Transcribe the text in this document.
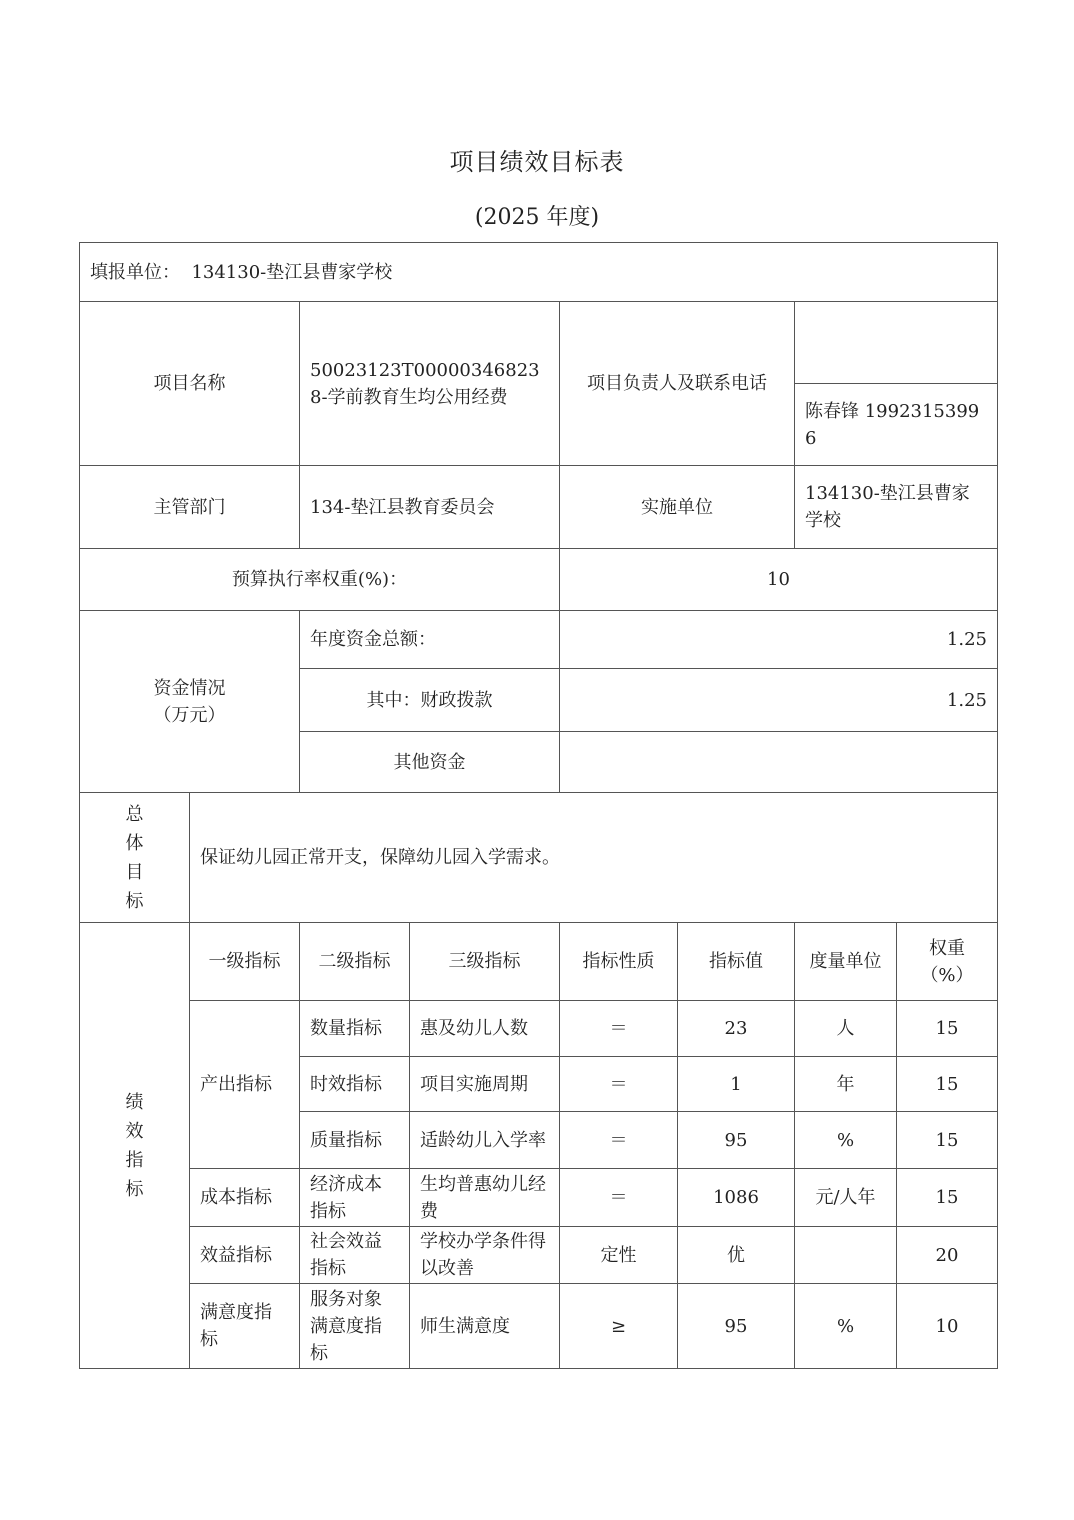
项目绩效目标表
(2025 年度)
填报单位： 134130-垫江县曹家学校							
项目名称		50023123T000003468238-学前教育生均公用经费		项目负责人及联系电话			
						陈春锋 19923153996	
主管部门		134-垫江县教育委员会		实施单位		134130-垫江县曹家学校	
预算执行率权重(%)：				10			
资金情况
（万元）		年度资金总额：		1.25			
		其中：财政拨款		1.25			
		其他资金					

总
体
目
标	保证幼儿园正常开支，保障幼儿园入学需求。						

绩
效
指
标	一级指标	二级指标	三级指标	指标性质	指标值	度量单位	权重（%）
	产出指标	数量指标	惠及幼儿人数	＝	23	人	15
		时效指标	项目实施周期	＝	1	年	15
		质量指标	适龄幼儿入学率	＝	95	%	15
	成本指标	经济成本指标	生均普惠幼儿经费	＝	1086	元/人年	15
	效益指标	社会效益指标	学校办学条件得以改善	定性	优		20
	满意度指标	服务对象满意度指标	师生满意度	≥	95	%	10
